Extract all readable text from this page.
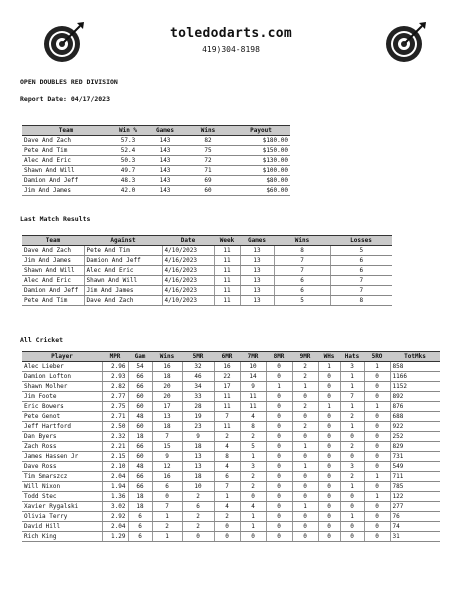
toledodarts.com
419)304-8198
OPEN DOUBLES RED DIVISION
Report Date: 04/17/2023
Team	Win %	Games	Wins	Payout
Dave And Zach	57.3	143	82	$180.00
Pete And Tim	52.4	143	75	$150.00
Alec And Eric	50.3	143	72	$130.00
Shawn And Will	49.7	143	71	$100.00
Damion And Jeff	48.3	143	69	$80.00
Jim And James	42.0	143	60	$60.00
Last Match Results
Team	Against	Date	Week	Games	Wins	Losses
Dave And Zach	Pete And Tim	4/10/2023	11	13	8	5
Jim And James	Damion And Jeff	4/16/2023	11	13	7	6
Shawn And Will	Alec And Eric	4/16/2023	11	13	7	6
Alec And Eric	Shawn And Will	4/16/2023	11	13	6	7
Damion And Jeff	Jim And James	4/16/2023	11	13	6	7
Pete And Tim	Dave And Zach	4/10/2023	11	13	5	8
All Cricket
Player	MPR	Gam	Wins	5MR	6MR	7MR	8MR	9MR	WHs	Hats	5RO	TotMks
Alec Lieber	2.96	54	16	32	16	10	0	2	1	3	1	858
Damion Lofton	2.93	66	18	46	22	14	0	2	0	1	0	1166
Shawn Molher	2.82	66	20	34	17	9	1	1	0	1	0	1152
Jim Foote	2.77	60	20	33	11	11	0	0	0	7	0	892
Eric Bowers	2.75	60	17	28	11	11	0	2	1	1	1	876
Pete Genot	2.71	48	13	19	7	4	0	0	0	2	0	688
Jeff Hartford	2.50	60	18	23	11	8	0	2	0	1	0	922
Dan Byers	2.32	18	7	9	2	2	0	0	0	0	0	252
Zach Ross	2.21	66	15	18	4	5	0	1	0	2	0	829
James Hassen Jr	2.15	60	9	13	8	1	0	0	0	0	0	731
Dave Ross	2.10	48	12	13	4	3	0	1	0	3	0	549
Tim Smarszcz	2.04	66	16	18	6	2	0	0	0	2	1	711
Will Nixon	1.94	66	6	10	7	2	0	0	0	1	0	785
Todd Stec	1.36	18	0	2	1	0	0	0	0	0	1	122
Xavier Rygalski	3.02	18	7	6	4	4	0	1	0	0	0	277
Olivia Terry	2.92	6	1	2	2	1	0	0	0	1	0	76
David Hill	2.04	6	2	2	0	1	0	0	0	0	0	74
Rich King	1.29	6	1	0	0	0	0	0	0	0	0	31
